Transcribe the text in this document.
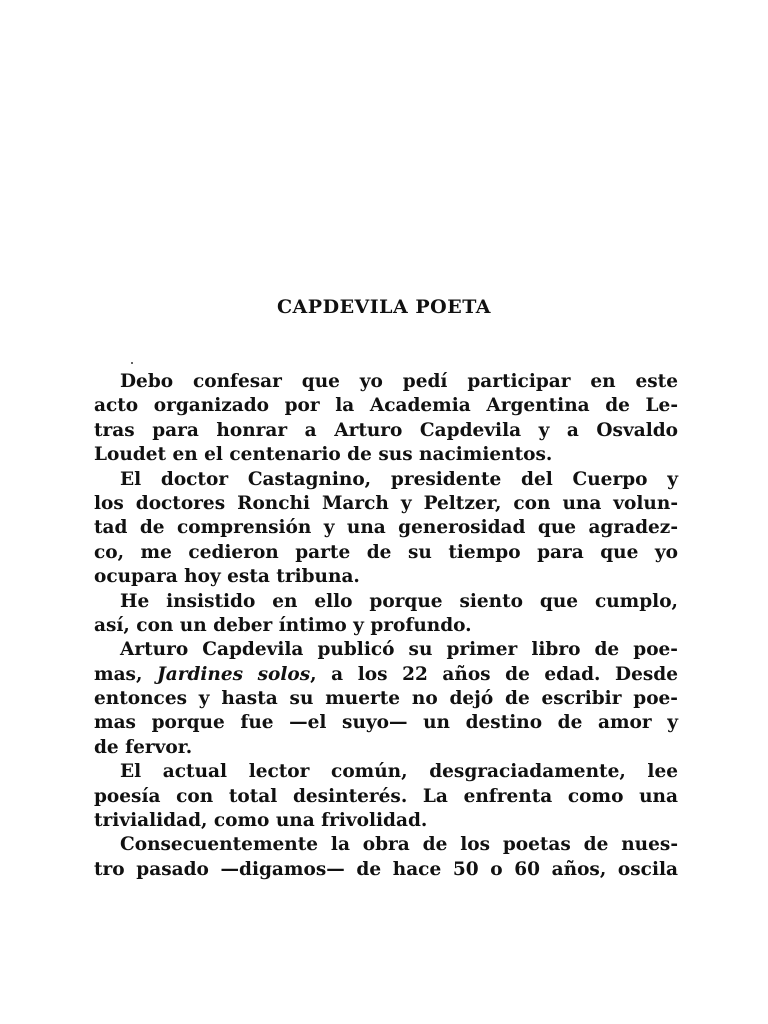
CAPDEVILA POETA
Debo confesar que yo pedí participar en este
acto organizado por la Academia Argentina de Le-
tras para honrar a Arturo Capdevila y a Osvaldo
Loudet en el centenario de sus nacimientos.
El doctor Castagnino, presidente del Cuerpo y
los doctores Ronchi March y Peltzer, con una volun-
tad de comprensión y una generosidad que agradez-
co, me cedieron parte de su tiempo para que yo
ocupara hoy esta tribuna.
He insistido en ello porque siento que cumplo,
así, con un deber íntimo y profundo.
Arturo Capdevila publicó su primer libro de poe-
mas, Jardines solos, a los 22 años de edad. Desde
entonces y hasta su muerte no dejó de escribir poe-
mas porque fue —el suyo— un destino de amor y
de fervor.
El actual lector común, desgraciadamente, lee
poesía con total desinterés. La enfrenta como una
trivialidad, como una frivolidad.
Consecuentemente la obra de los poetas de nues-
tro pasado —digamos— de hace 50 o 60 años, oscila
